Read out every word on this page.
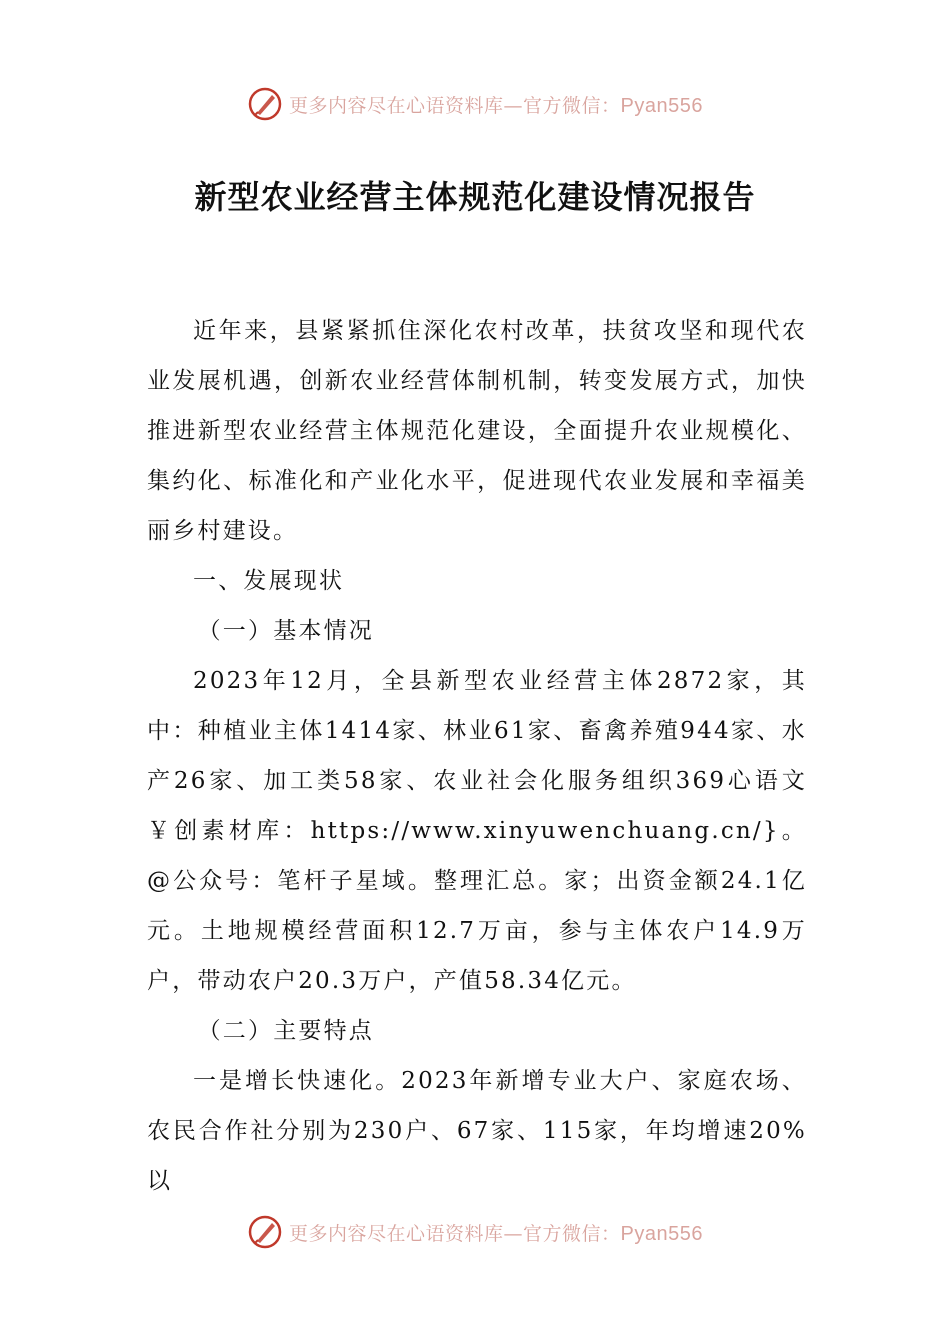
更多内容尽在心语资料库—官方微信：Pyan556
新型农业经营主体规范化建设情况报告

近年来，县紧紧抓住深化农村改革，扶贫攻坚和现代农业发展机遇，创新农业经营体制机制，转变发展方式，加快推进新型农业经营主体规范化建设，全面提升农业规模化、集约化、标准化和产业化水平，促进现代农业发展和幸福美丽乡村建设。

一、发展现状

（一）基本情况

2023年12月，全县新型农业经营主体2872家，其中：种植业主体1414家、林业61家、畜禽养殖944家、水产26家、加工类58家、农业社会化服务组织369心语文￥创素材库：https://www.xinyuwenchuang.cn/}。@公众号：笔杆子星域。整理汇总。家；出资金额24.1亿元。土地规模经营面积12.7万亩，参与主体农户14.9万户，带动农户20.3万户，产值58.34亿元。

（二）主要特点

一是增长快速化。2023年新增专业大户、家庭农场、农民合作社分别为230户、67家、115家，年均增速20%以

更多内容尽在心语资料库—官方微信：Pyan556
